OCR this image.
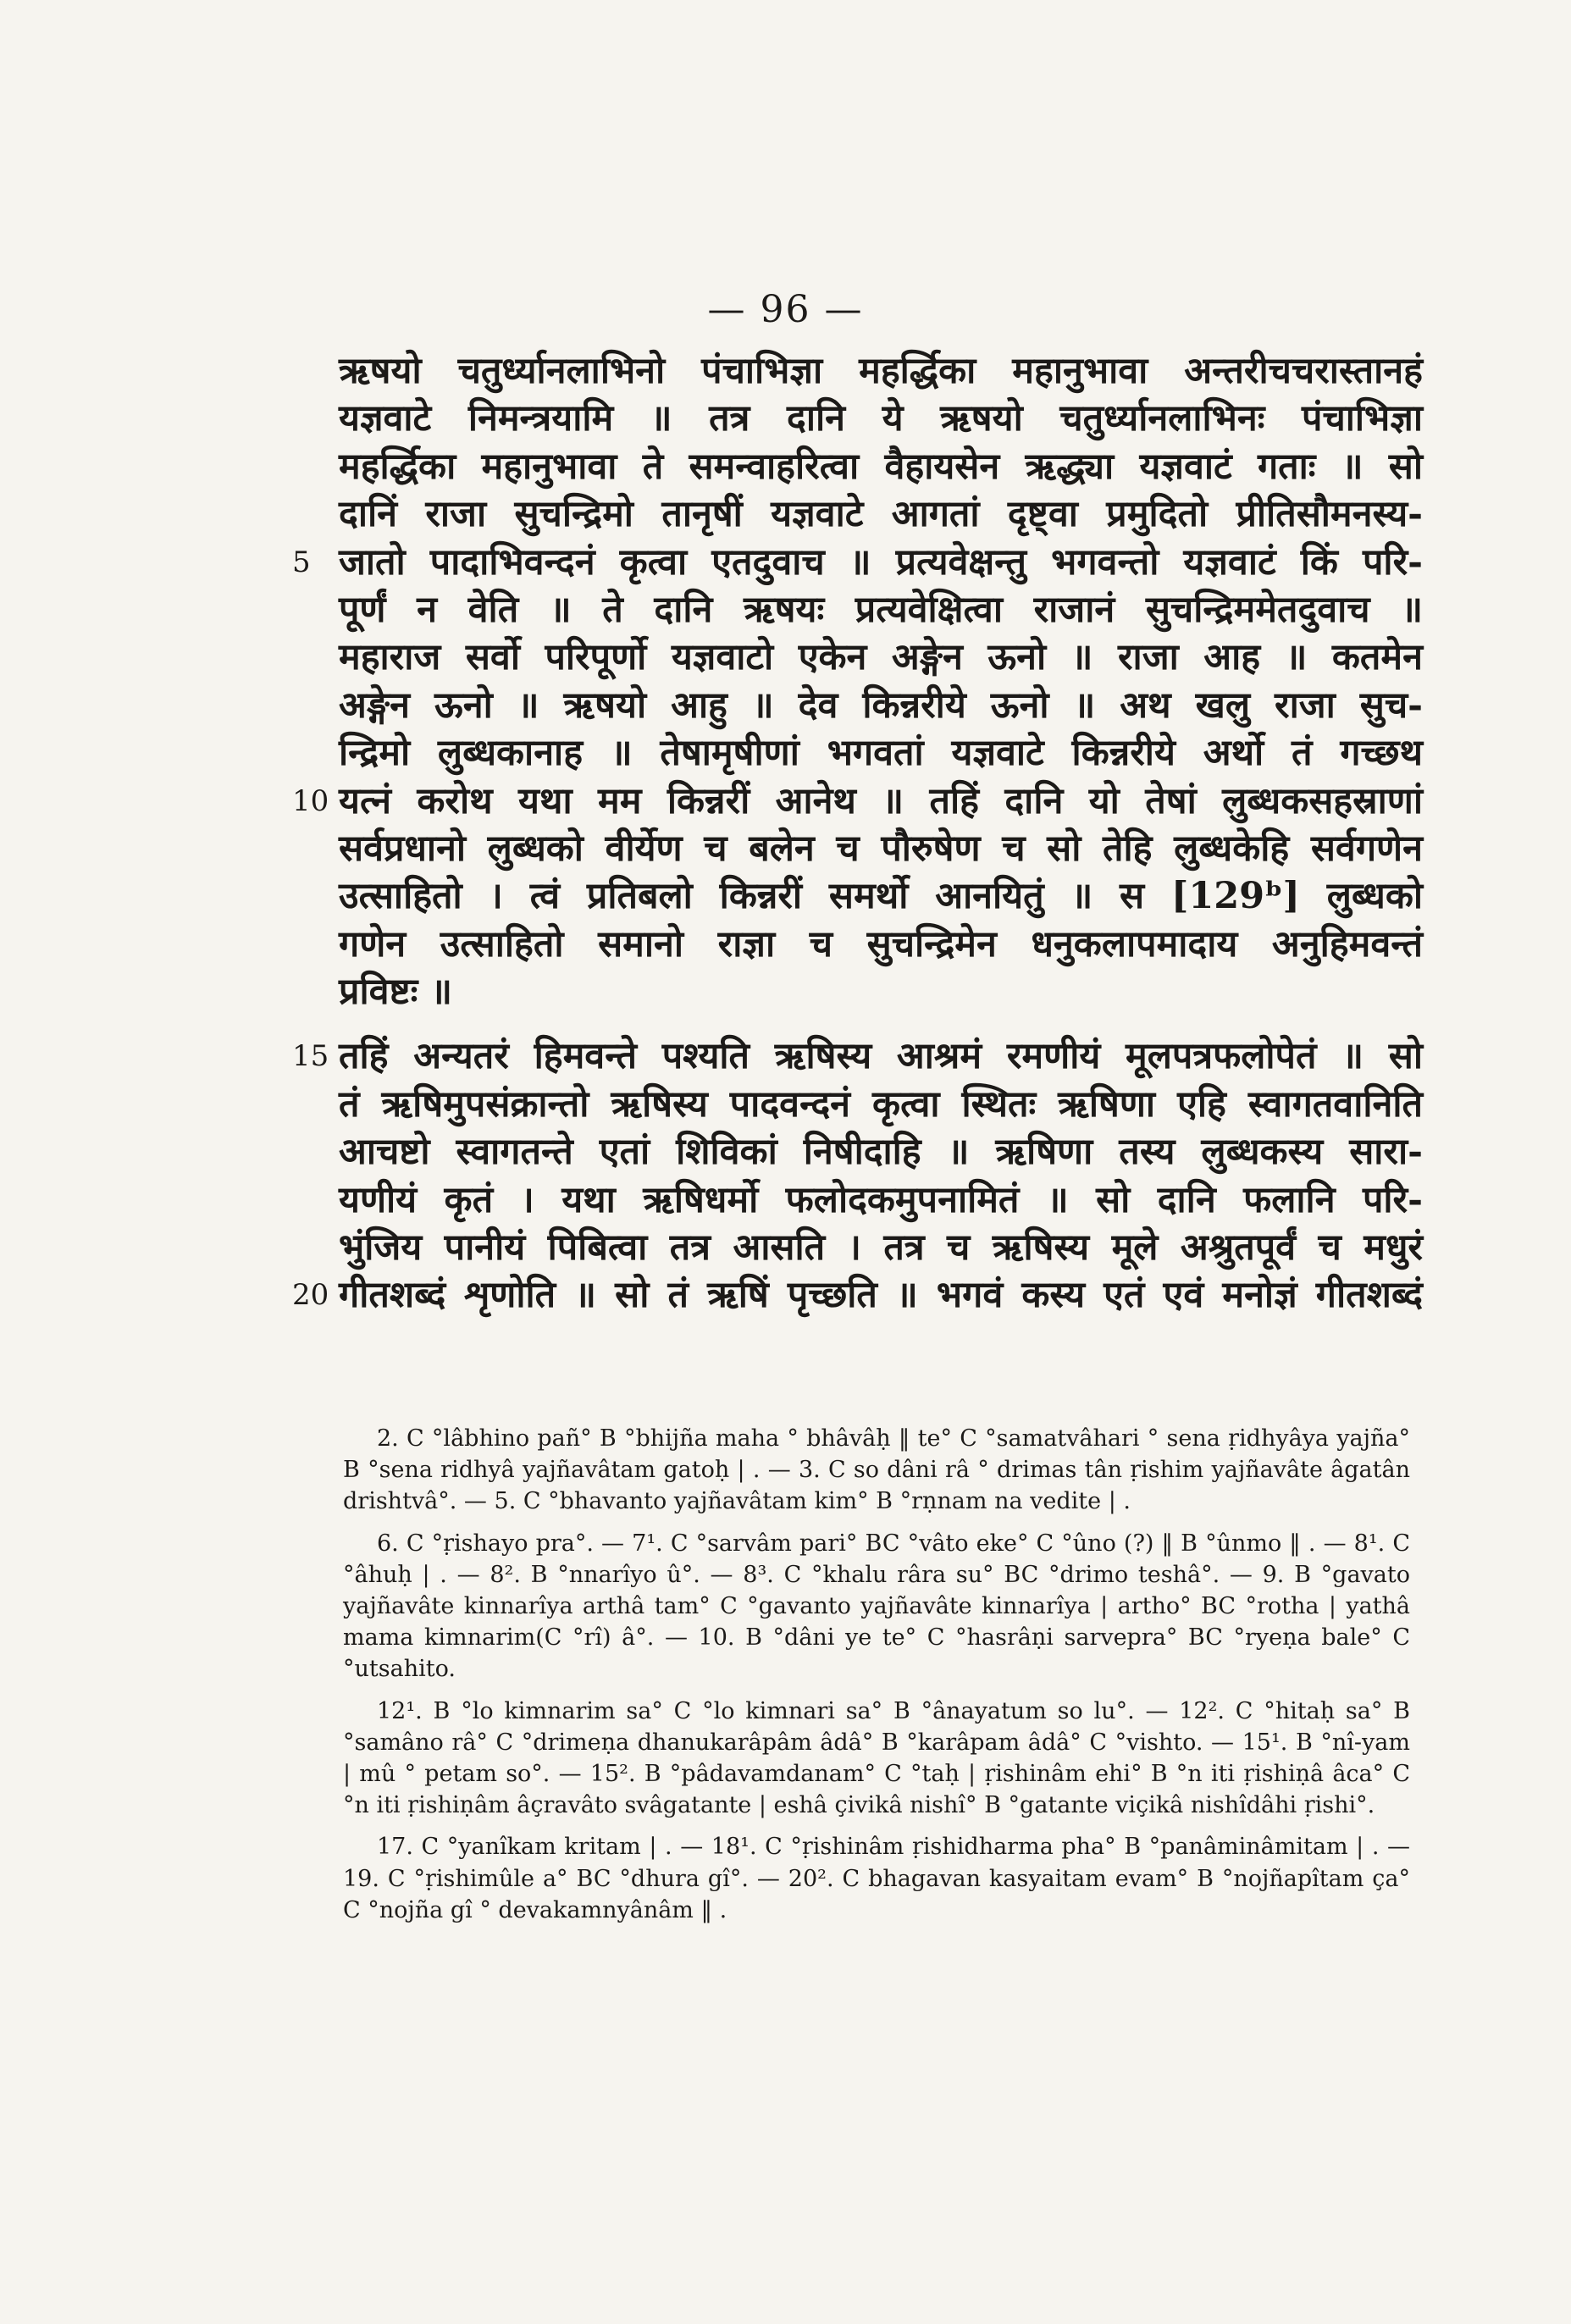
— 96 —
ऋषयो चतुर्ध्यानलाभिनो पंचाभिज्ञा महर्द्धिका महानुभावा अन्तरीचचरास्तानहं
यज्ञवाटे निमन्त्रयामि ॥ तत्र दानि ये ऋषयो चतुर्ध्यानलाभिनः पंचाभिज्ञा
महर्द्धिका महानुभावा ते समन्वाहरित्वा वैहायसेन ऋद्ध्या यज्ञवाटं गताः ॥ सो
दानिं राजा सुचन्द्रिमो तानृषीं यज्ञवाटे आगतां दृष्ट्वा प्रमुदितो प्रीतिसौमनस्य-
5 जातो पादाभिवन्दनं कृत्वा एतदुवाच ॥ प्रत्यवेक्षन्तु भगवन्तो यज्ञवाटं किं परि-
पूर्णं न वेति ॥ ते दानि ऋषयः प्रत्यवेक्षित्वा राजानं सुचन्द्रिममेतदुवाच ॥
महाराज सर्वो परिपूर्णो यज्ञवाटो एकेन अङ्गेन ऊनो ॥ राजा आह ॥ कतमेन
अङ्गेन ऊनो ॥ ऋषयो आहु ॥ देव किन्नरीये ऊनो ॥ अथ खलु राजा सुच-
न्द्रिमो लुब्धकानाह ॥ तेषामृषीणां भगवतां यज्ञवाटे किन्नरीये अर्थो तं गच्छथ
10 यत्नं करोथ यथा मम किन्नरीं आनेथ ॥ तहिं दानि यो तेषां लुब्धकसहस्राणां
सर्वप्रधानो लुब्धको वीर्येण च बलेन च पौरुषेण च सो तेहि लुब्धकेहि सर्वगणेन
उत्साहितो । त्वं प्रतिबलो किन्नरीं समर्थो आनयितुं ॥ स [129ᵇ] लुब्धको
गणेन उत्साहितो समानो राज्ञा च सुचन्द्रिमेन धनुकलापमादाय अनुहिमवन्तं
प्रविष्टः ॥
15 तहिं अन्यतरं हिमवन्ते पश्यति ऋषिस्य आश्रमं रमणीयं मूलपत्रफलोपेतं ॥ सो
तं ऋषिमुपसंक्रान्तो ऋषिस्य पादवन्दनं कृत्वा स्थितः ऋषिणा एहि स्वागतवानिति
आचष्टो स्वागतन्ते एतां शिविकां निषीदाहि ॥ ऋषिणा तस्य लुब्धकस्य सारा-
यणीयं कृतं । यथा ऋषिधर्मो फलोदकमुपनामितं ॥ सो दानि फलानि परि-
भुंजिय पानीयं पिबित्वा तत्र आसति । तत्र च ऋषिस्य मूले अश्रुतपूर्वं च मधुरं
20 गीतशब्दं शृणोति ॥ सो तं ऋषिं पृच्छति ॥ भगवं कस्य एतं एवं मनोज्ञं गीतशब्दं

2. C °lâbhino pañ° B °bhijña maha ° bhâvâḥ ‖ te° C °samatvâhari ° sena ṛidhyâya yajña° B °sena ridhyâ yajñavâtam gatoḥ | . — 3. C so dâni râ ° drimas tân ṛishim yajñavâte âgatân drishtvâ°. — 5. C °bhavanto yajñavâtam kim° B °rṇnam na vedite | .

6. C °ṛishayo pra°. — 7¹. C °sarvâm pari° BC °vâto eke° C °ûno (?) ‖ B °ûnmo ‖ . — 8¹. C °âhuḥ | . — 8². B °nnarîyo û°. — 8³. C °khalu râra su° BC °drimo teshâ°. — 9. B °gavato yajñavâte kinnarîya arthâ tam° C °gavanto yajñavâte kinnarîya | artho° BC °rotha | yathâ mama kimnarim(C °rî) â°. — 10. B °dâni ye te° C °hasrâṇi sarvepra° BC °ryeṇa bale° C °utsahito.

12¹. B °lo kimnarim sa° C °lo kimnari sa° B °ânayatum so lu°. — 12². C °hitaḥ sa° B °samâno râ° C °drimeṇa dhanukarâpâm âdâ° B °karâpam âdâ° C °vishto. — 15¹. B °nî-yam | mû ° petam so°. — 15². B °pâdavamdanam° C °taḥ | ṛishinâm ehi° B °n iti ṛishiṇâ âca° C °n iti ṛishiṇâm âçravâto svâgatante | eshâ çivikâ nishî° B °gatante viçikâ nishîdâhi ṛishi°.

17. C °yanîkam kritam | . — 18¹. C °ṛishinâm ṛishidharma pha° B °panâminâmitam | . — 19. C °ṛishimûle a° BC °dhura gî°. — 20². C bhagavan kasyaitam evam° B °nojñapîtam ça° C °nojña gî ° devakamnyânâm ‖ .
